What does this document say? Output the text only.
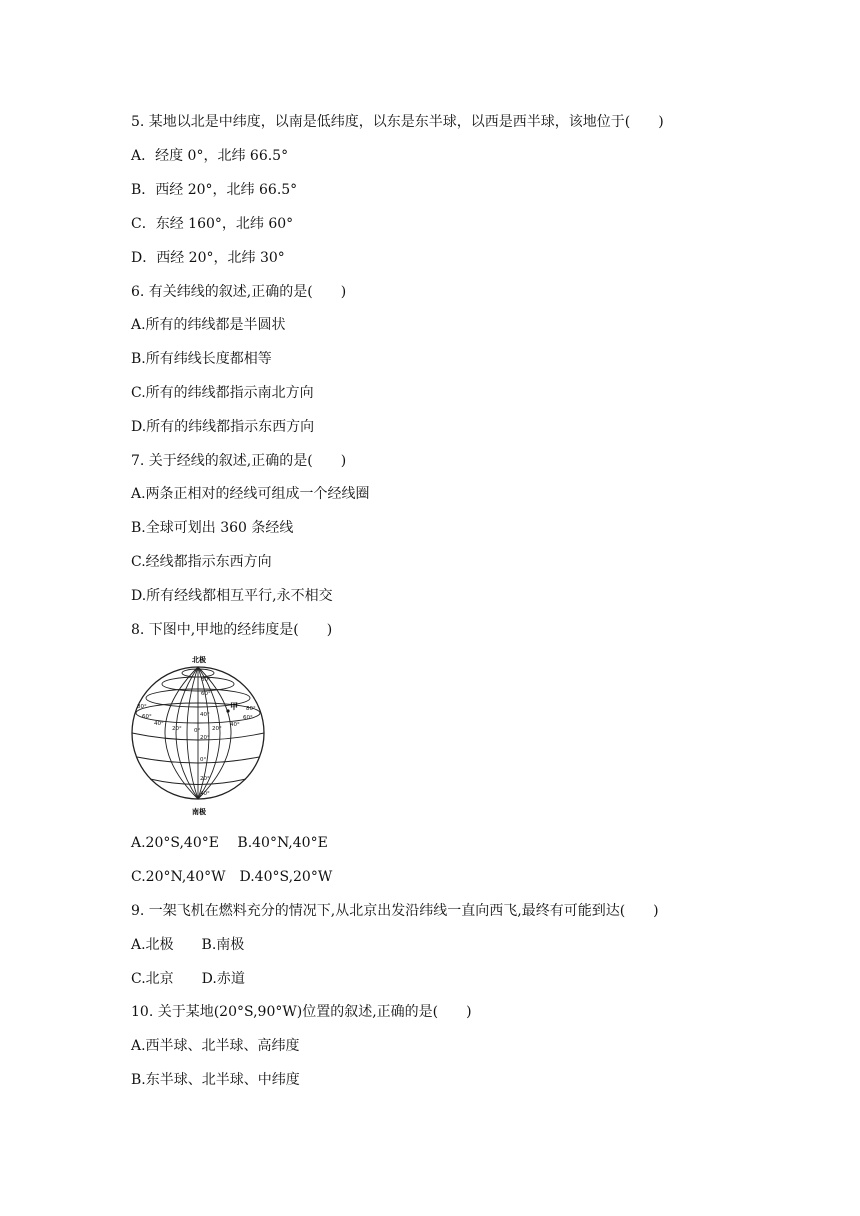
5. 某地以北是中纬度，以南是低纬度，以东是东半球，以西是西半球，该地位于(　　)
A．经度 0°，北纬 66.5°
B．西经 20°，北纬 66.5°
C．东经 160°，北纬 60°
D．西经 20°，北纬 30°
6. 有关纬线的叙述,正确的是(　　)
A.所有的纬线都是半圆状
B.所有纬线长度都相等
C.所有的纬线都指示南北方向
D.所有的纬线都指示东西方向
7. 关于经线的叙述,正确的是(　　)
A.两条正相对的经线可组成一个经线圈
B.全球可划出 360 条经线
C.经线都指示东西方向
D.所有经线都相互平行,永不相交
8. 下图中,甲地的经纬度是(　　)
北极
南极
80°
60°
40°
20°
0°
20°
40°
80°
60°
40°
20° 0° 20°
40°
60°
80°
甲
A.20°S,40°E　 B.40°N,40°E
C.20°N,40°W　D.40°S,20°W
9. 一架飞机在燃料充分的情况下,从北京出发沿纬线一直向西飞,最终有可能到达(　　)
A.北极　　B.南极
C.北京　　D.赤道
10. 关于某地(20°S,90°W)位置的叙述,正确的是(　　)
A.西半球、北半球、高纬度
B.东半球、北半球、中纬度
